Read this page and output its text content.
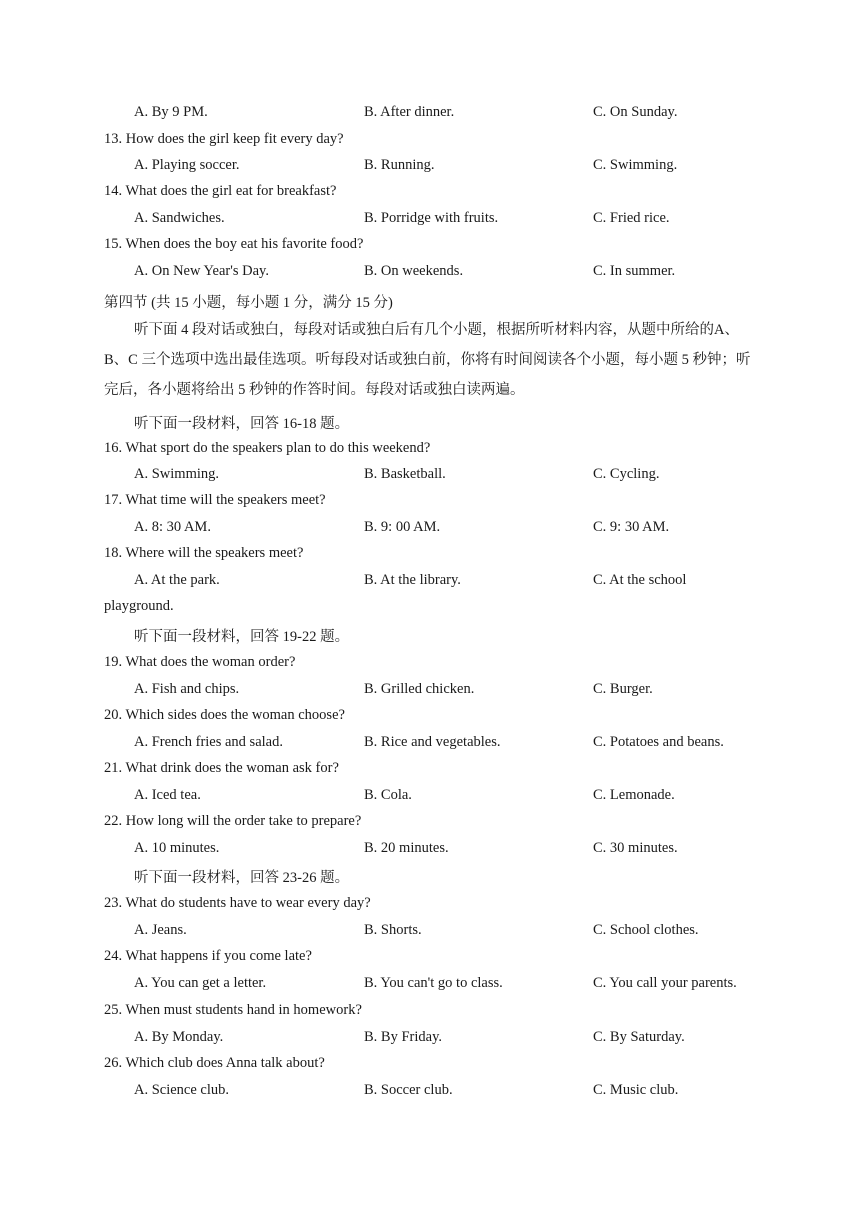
A. By 9 PM.	B. After dinner.	C. On Sunday.
13. How does the girl keep fit every day?
A. Playing soccer.	B. Running.	C. Swimming.
14. What does the girl eat for breakfast?
A. Sandwiches.	B. Porridge with fruits.	C. Fried rice.
15. When does the boy eat his favorite food?
A. On New Year's Day.	B. On weekends.	C. In summer.
第四节 (共 15 小题，每小题 1 分，满分 15 分)
听下面 4 段对话或独白，每段对话或独白后有几个小题，根据所听材料内容，从题中所给的A、B、C 三个选项中选出最佳选项。听每段对话或独白前，你将有时间阅读各个小题，每小题 5 秒钟；听完后，各小题将给出 5 秒钟的作答时间。每段对话或独白读两遍。
听下面一段材料，回答 16-18 题。
16. What sport do the speakers plan to do this weekend?
A. Swimming.	B. Basketball.	C. Cycling.
17. What time will the speakers meet?
A. 8: 30 AM.	B. 9: 00 AM.	C. 9: 30 AM.
18. Where will the speakers meet?
A. At the park.	B. At the library.	C. At the school
playground.
听下面一段材料，回答 19-22 题。
19. What does the woman order?
A. Fish and chips.	B. Grilled chicken.	C. Burger.
20. Which sides does the woman choose?
A. French fries and salad.	B. Rice and vegetables.	C. Potatoes and beans.
21. What drink does the woman ask for?
A. Iced tea.	B. Cola.	C. Lemonade.
22. How long will the order take to prepare?
A. 10 minutes.	B. 20 minutes.	C. 30 minutes.
听下面一段材料，回答 23-26 题。
23. What do students have to wear every day?
A. Jeans.	B. Shorts.	C. School clothes.
24. What happens if you come late?
A. You can get a letter.	B. You can't go to class.	C. You call your parents.
25. When must students hand in homework?
A. By Monday.	B. By Friday.	C. By Saturday.
26. Which club does Anna talk about?
A. Science club.	B. Soccer club.	C. Music club.
